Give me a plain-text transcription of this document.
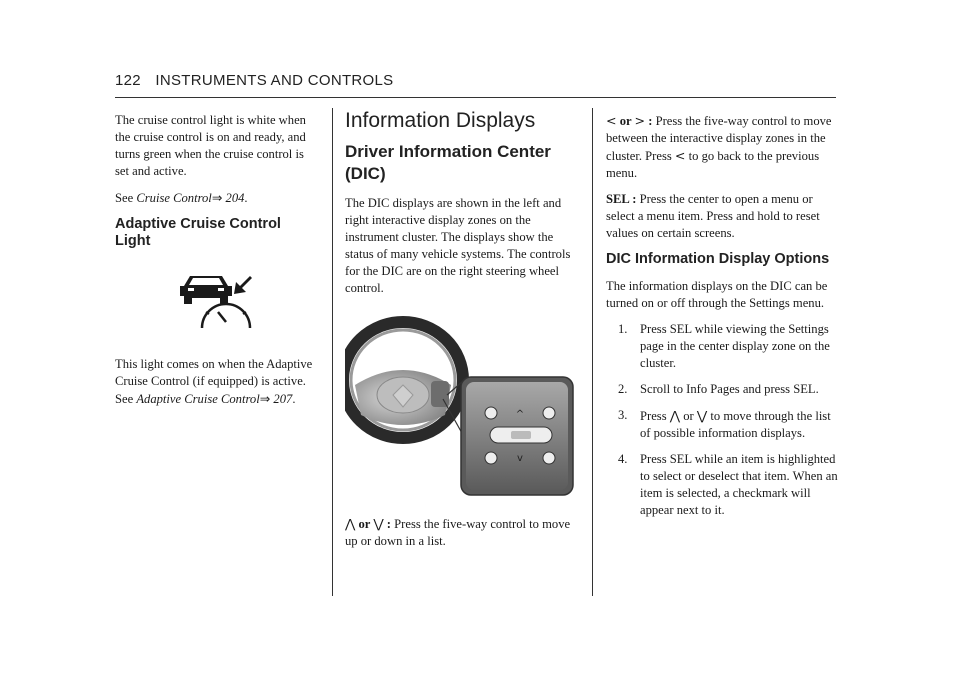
122 INSTRUMENTS AND CONTROLS

The cruise control light is white when the cruise control is on and ready, and turns green when the cruise control is set and active.

See Cruise Control⇒ 204.

Adaptive Cruise Control Light

This light comes on when the Adaptive Cruise Control (if equipped) is active. See Adaptive Cruise Control⇒ 207.

Information Displays
Driver Information Center (DIC)

The DIC displays are shown in the left and right interactive display zones on the instrument cluster. The displays show the status of many vehicle systems. The controls for the DIC are on the right steering wheel control.

^
v

⋀ or ⋁ : Press the five-way control to move up or down in a list.

< or > : Press the five-way control to move between the interactive display zones in the cluster. Press < to go back to the previous menu.

SEL : Press the center to open a menu or select a menu item. Press and hold to reset values on certain screens.

DIC Information Display Options

The information displays on the DIC can be turned on or off through the Settings menu.

1. Press SEL while viewing the Settings page in the center display zone on the cluster.
2. Scroll to Info Pages and press SEL.
3. Press ⋀ or ⋁ to move through the list of possible information displays.
4. Press SEL while an item is highlighted to select or deselect that item. When an item is selected, a checkmark will appear next to it.
